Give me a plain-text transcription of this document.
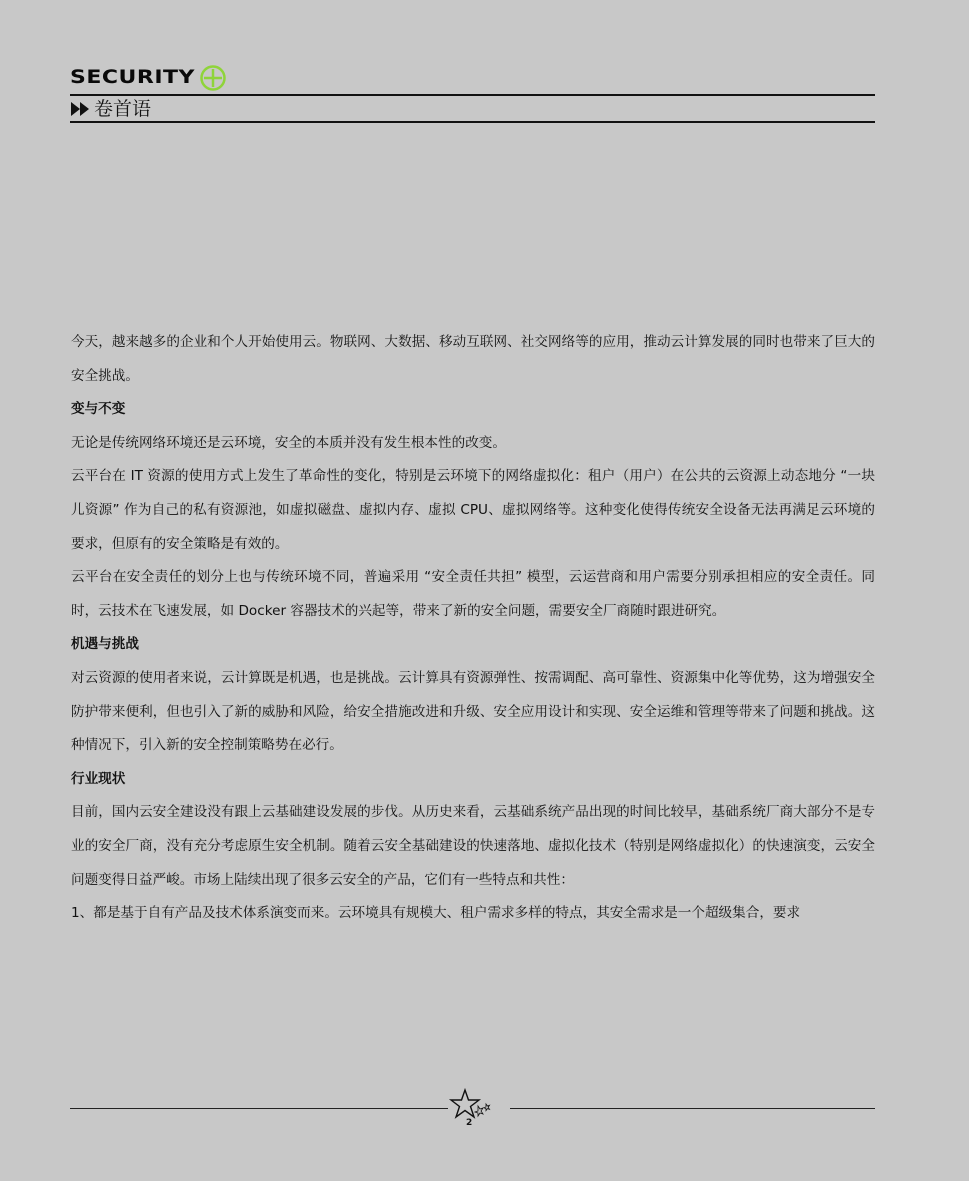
SECURITY
卷首语

今天，越来越多的企业和个人开始使用云。物联网、大数据、移动互联网、社交网络等的应用，推动云计算发展的同时也带来了巨大的安全挑战。

变与不变

无论是传统网络环境还是云环境，安全的本质并没有发生根本性的改变。

云平台在 IT 资源的使用方式上发生了革命性的变化，特别是云环境下的网络虚拟化：租户（用户）在公共的云资源上动态地分 “一块儿资源” 作为自己的私有资源池，如虚拟磁盘、虚拟内存、虚拟 CPU、虚拟网络等。这种变化使得传统安全设备无法再满足云环境的要求，但原有的安全策略是有效的。

云平台在安全责任的划分上也与传统环境不同，普遍采用 “安全责任共担” 模型，云运营商和用户需要分别承担相应的安全责任。同时，云技术在飞速发展，如 Docker 容器技术的兴起等，带来了新的安全问题，需要安全厂商随时跟进研究。

机遇与挑战

对云资源的使用者来说，云计算既是机遇，也是挑战。云计算具有资源弹性、按需调配、高可靠性、资源集中化等优势，这为增强安全防护带来便利，但也引入了新的威胁和风险，给安全措施改进和升级、安全应用设计和实现、安全运维和管理等带来了问题和挑战。这种情况下，引入新的安全控制策略势在必行。

行业现状

目前，国内云安全建设没有跟上云基础建设发展的步伐。从历史来看，云基础系统产品出现的时间比较早，基础系统厂商大部分不是专业的安全厂商，没有充分考虑原生安全机制。随着云安全基础建设的快速落地、虚拟化技术（特别是网络虚拟化）的快速演变，云安全问题变得日益严峻。市场上陆续出现了很多云安全的产品，它们有一些特点和共性：

1、都是基于自有产品及技术体系演变而来。云环境具有规模大、租户需求多样的特点，其安全需求是一个超级集合，要求

2
